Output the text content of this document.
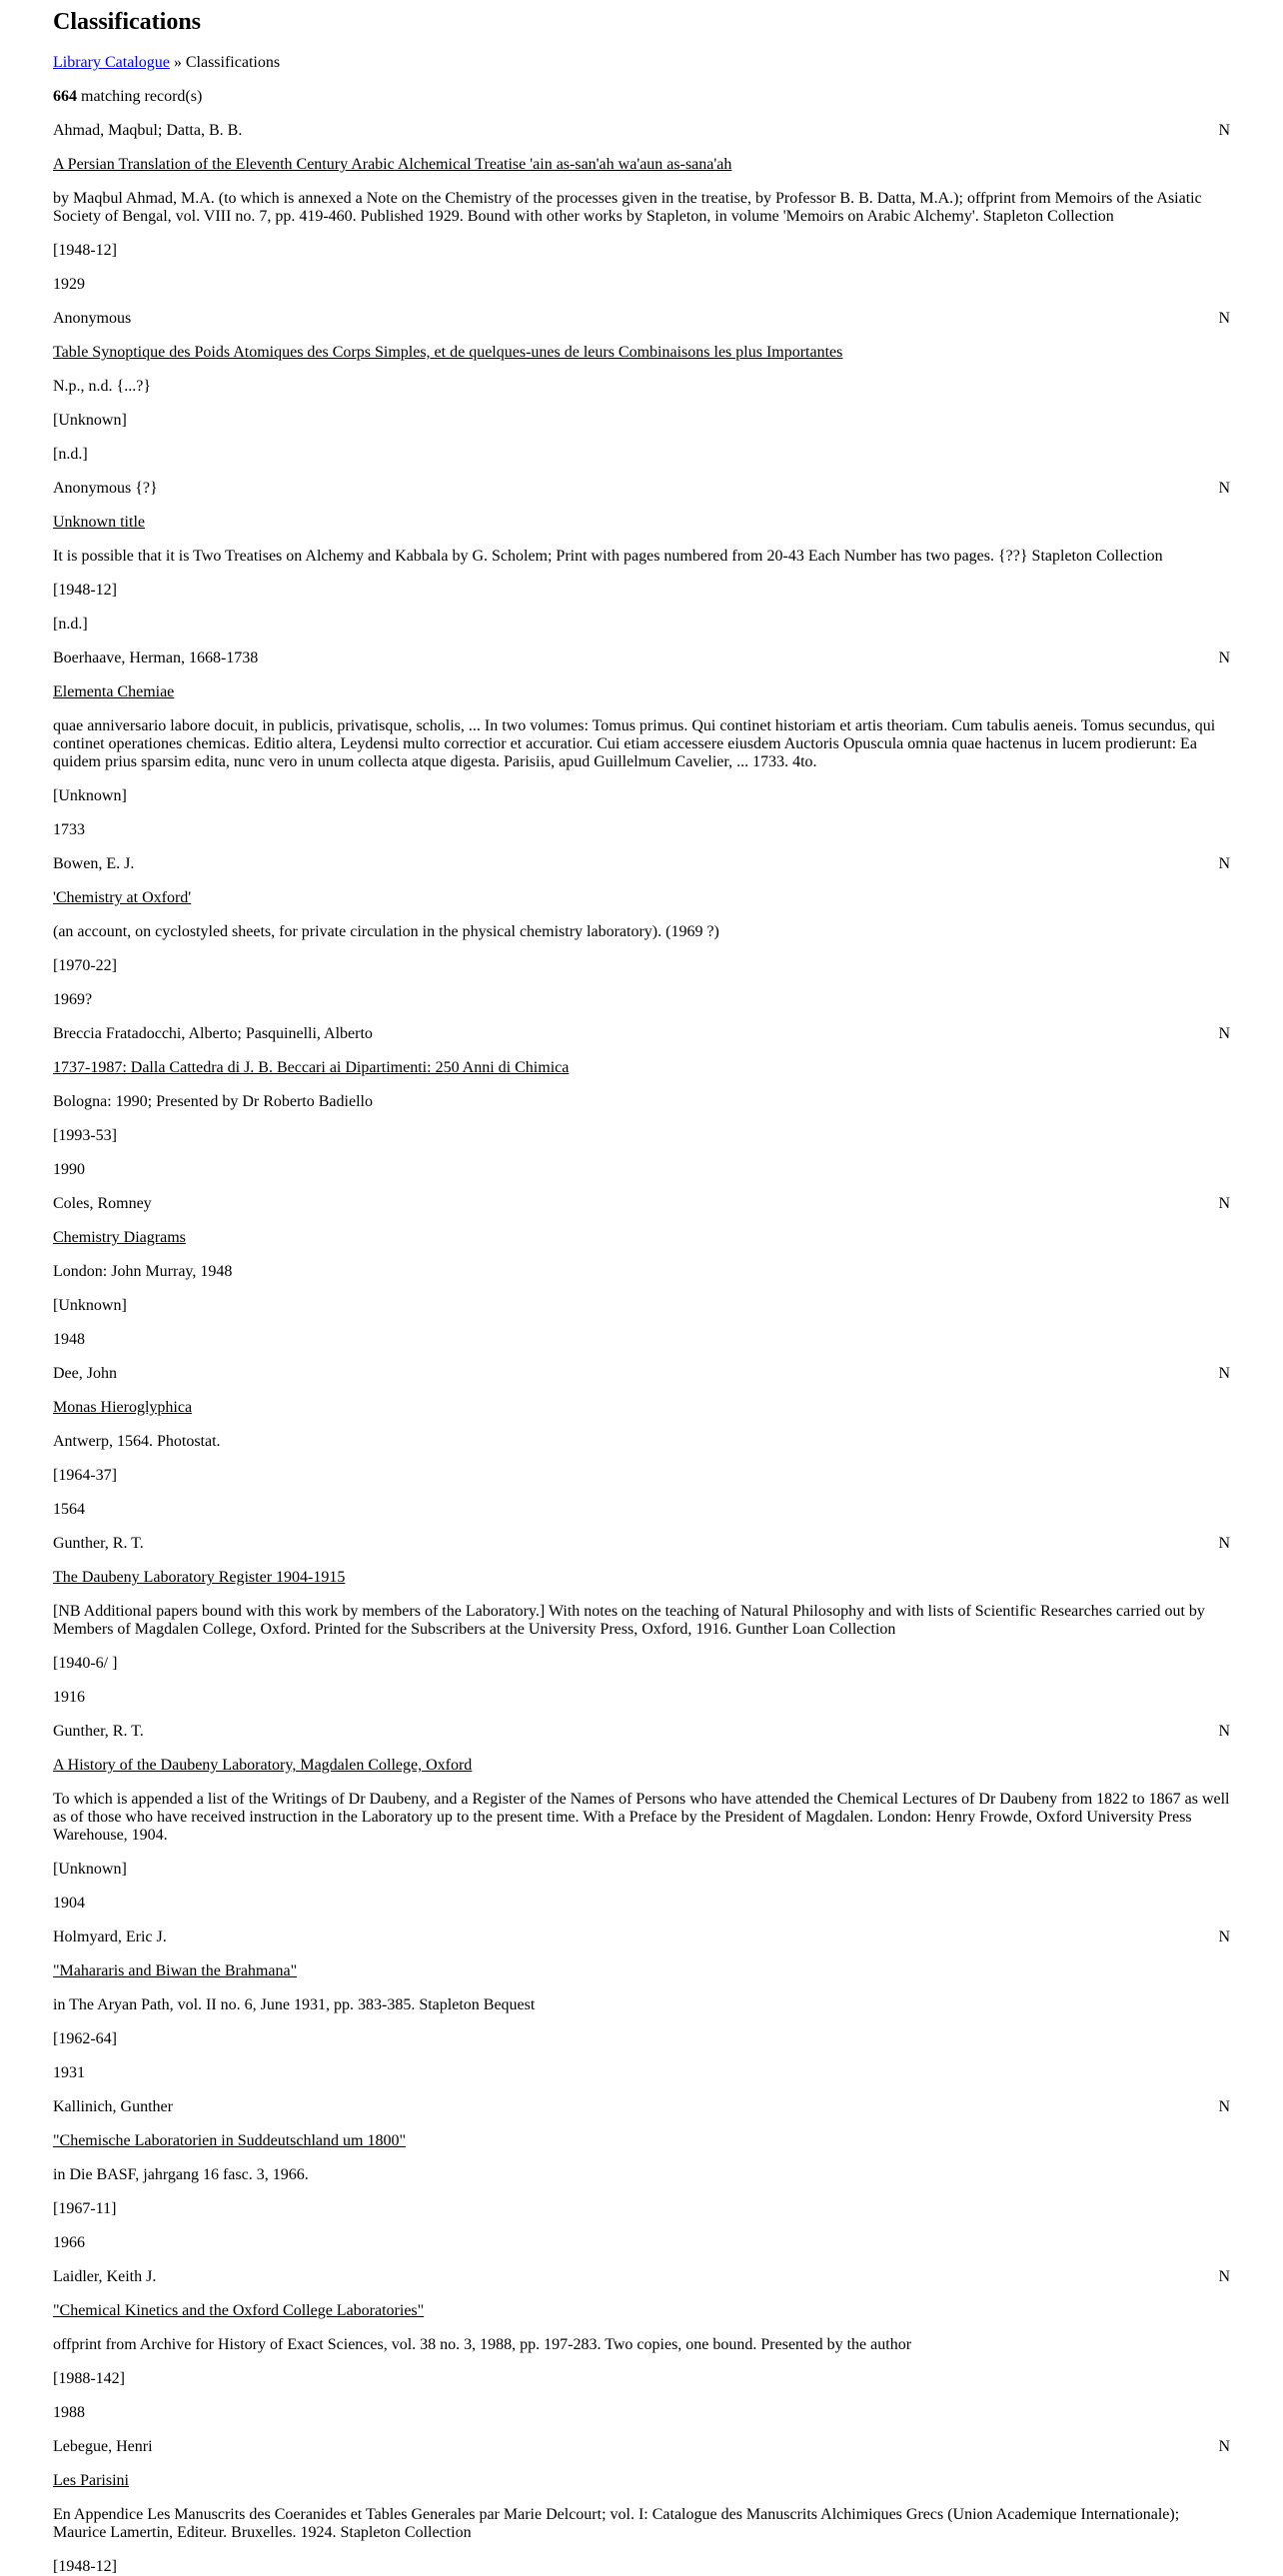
Classifications

Library Catalogue » Classifications

664 matching record(s)

Ahmad, Maqbul; Datta, B. B.	N

A Persian Translation of the Eleventh Century Arabic Alchemical Treatise 'ain as-san'ah wa'aun as-sana'ah

by Maqbul Ahmad, M.A. (to which is annexed a Note on the Chemistry of the processes given in the treatise, by Professor B. B. Datta, M.A.); offprint from Memoirs of the Asiatic Society of Bengal, vol. VIII no. 7, pp. 419-460. Published 1929. Bound with other works by Stapleton, in volume 'Memoirs on Arabic Alchemy'. Stapleton Collection

[1948-12]

1929

Anonymous	N

Table Synoptique des Poids Atomiques des Corps Simples, et de quelques-unes de leurs Combinaisons les plus Importantes

N.p., n.d. {...?}

[Unknown]

[n.d.]

Anonymous {?}	N

Unknown title

It is possible that it is Two Treatises on Alchemy and Kabbala by G. Scholem; Print with pages numbered from 20-43 Each Number has two pages. {??} Stapleton Collection

[1948-12]

[n.d.]

Boerhaave, Herman, 1668-1738	N

Elementa Chemiae

quae anniversario labore docuit, in publicis, privatisque, scholis, ... In two volumes: Tomus primus. Qui continet historiam et artis theoriam. Cum tabulis aeneis. Tomus secundus, qui continet operationes chemicas. Editio altera, Leydensi multo correctior et accuratior. Cui etiam accessere eiusdem Auctoris Opuscula omnia quae hactenus in lucem prodierunt: Ea quidem prius sparsim edita, nunc vero in unum collecta atque digesta. Parisiis, apud Guillelmum Cavelier, ... 1733. 4to.

[Unknown]

1733

Bowen, E. J.	N

'Chemistry at Oxford'

(an account, on cyclostyled sheets, for private circulation in the physical chemistry laboratory). (1969 ?)

[1970-22]

1969?

Breccia Fratadocchi, Alberto; Pasquinelli, Alberto	N

1737-1987: Dalla Cattedra di J. B. Beccari ai Dipartimenti: 250 Anni di Chimica

Bologna: 1990; Presented by Dr Roberto Badiello

[1993-53]

1990

Coles, Romney	N

Chemistry Diagrams

London: John Murray, 1948

[Unknown]

1948

Dee, John	N

Monas Hieroglyphica

Antwerp, 1564. Photostat.

[1964-37]

1564

Gunther, R. T.	N

The Daubeny Laboratory Register 1904-1915

[NB Additional papers bound with this work by members of the Laboratory.] With notes on the teaching of Natural Philosophy and with lists of Scientific Researches carried out by Members of Magdalen College, Oxford. Printed for the Subscribers at the University Press, Oxford, 1916. Gunther Loan Collection

[1940-6/ ]

1916

Gunther, R. T.	N

A History of the Daubeny Laboratory, Magdalen College, Oxford

To which is appended a list of the Writings of Dr Daubeny, and a Register of the Names of Persons who have attended the Chemical Lectures of Dr Daubeny from 1822 to 1867 as well as of those who have received instruction in the Laboratory up to the present time. With a Preface by the President of Magdalen. London: Henry Frowde, Oxford University Press Warehouse, 1904.

[Unknown]

1904

Holmyard, Eric J.	N

"Mahararis and Biwan the Brahmana"

in The Aryan Path, vol. II no. 6, June 1931, pp. 383-385. Stapleton Bequest

[1962-64]

1931

Kallinich, Gunther	N

"Chemische Laboratorien in Suddeutschland um 1800"

in Die BASF, jahrgang 16 fasc. 3, 1966.

[1967-11]

1966

Laidler, Keith J.	N

"Chemical Kinetics and the Oxford College Laboratories"

offprint from Archive for History of Exact Sciences, vol. 38 no. 3, 1988, pp. 197-283. Two copies, one bound. Presented by the author

[1988-142]

1988

Lebegue, Henri	N

Les Parisini

En Appendice Les Manuscrits des Coeranides et Tables Generales par Marie Delcourt; vol. I: Catalogue des Manuscrits Alchimiques Grecs (Union Academique Internationale); Maurice Lamertin, Editeur. Bruxelles. 1924. Stapleton Collection

[1948-12]
